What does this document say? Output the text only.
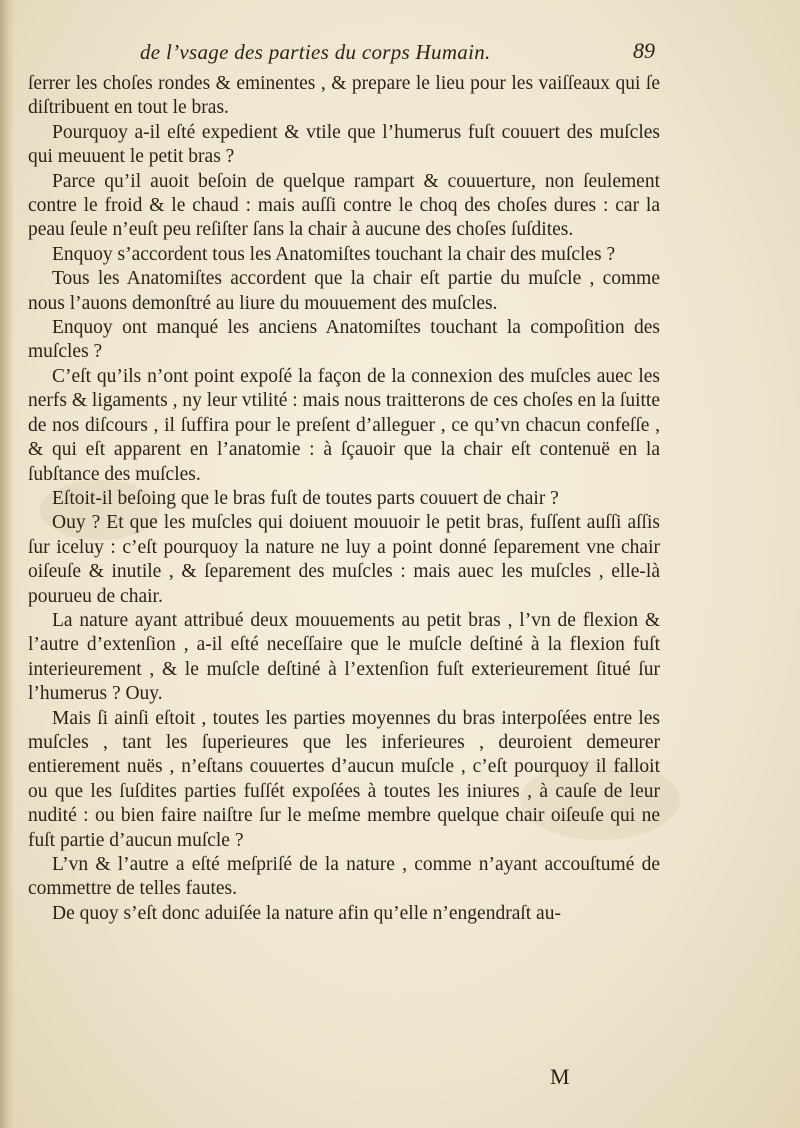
de l’vsage des parties du corps Humain.	89

ſerrer les choſes rondes & eminentes , & prepare le lieu pour les vaiſſeaux qui ſe diſtribuent en tout le bras.

Pourquoy a-il eſté expedient & vtile que l’humerus fuſt couuert des muſcles qui meuuent le petit bras ?

Parce qu’il auoit beſoin de quelque rampart & couuerture, non ſeulement contre le froid & le chaud : mais auſſi contre le choq des choſes dures : car la peau ſeule n’euſt peu reſiſter ſans la chair à aucune des choſes ſuſdites.

Enquoy s’accordent tous les Anatomiſtes touchant la chair des muſcles ?

Tous les Anatomiſtes accordent que la chair eſt partie du muſcle , comme nous l’auons demonſtré au liure du mouuement des muſcles.

Enquoy ont manqué les anciens Anatomiſtes touchant la compoſition des muſcles ?

C’eſt qu’ils n’ont point expoſé la façon de la connexion des muſcles auec les nerfs & ligaments , ny leur vtilité : mais nous traitterons de ces choſes en la ſuitte de nos diſcours , il ſuffira pour le preſent d’alleguer , ce qu’vn chacun confeſſe , & qui eſt apparent en l’anatomie : à ſçauoir que la chair eſt contenuë en la ſubſtance des muſcles.

Eſtoit-il beſoing que le bras fuſt de toutes parts couuert de chair ?

Ouy ? Et que les muſcles qui doiuent mouuoir le petit bras, fuſſent auſſi aſſis ſur iceluy : c’eſt pourquoy la nature ne luy a point donné ſeparement vne chair oiſeuſe & inutile , & ſeparement des muſcles : mais auec les muſcles , elle-là pourueu de chair.

La nature ayant attribué deux mouuements au petit bras , l’vn de flexion & l’autre d’extenſion , a-il eſté neceſſaire que le muſcle deſtiné à la flexion fuſt interieurement , & le muſcle deſtiné à l’extenſion fuſt exterieurement ſitué ſur l’humerus ? Ouy.

Mais ſi ainſi eſtoit , toutes les parties moyennes du bras interpoſées entre les muſcles , tant les ſuperieures que les inferieures , deuroient demeurer entierement nuës , n’eſtans couuertes d’aucun muſcle , c’eſt pourquoy il falloit ou que les ſuſdites parties fuſſét expoſées à toutes les iniures , à cauſe de leur nudité : ou bien faire naiſtre ſur le meſme membre quelque chair oiſeuſe qui ne fuſt partie d’aucun muſcle ?

L’vn & l’autre a eſté meſpriſé de la nature , comme n’ayant accouſtumé de commettre de telles fautes.

De quoy s’eſt donc aduiſée la nature afin qu’elle n’engendraſt au-

M
